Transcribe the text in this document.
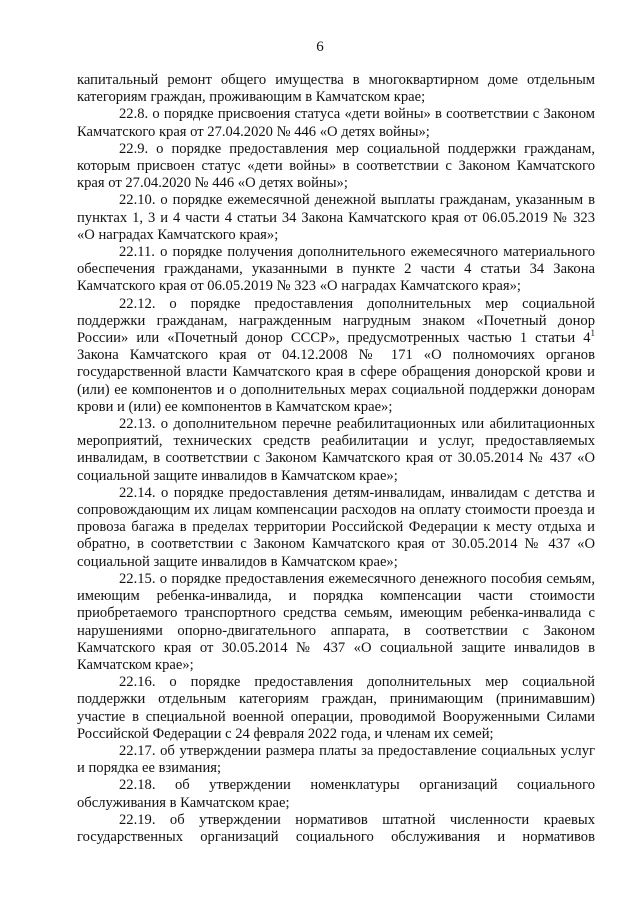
6

капитальный ремонт общего имущества в многоквартирном доме отдельным категориям граждан, проживающим в Камчатском крае;

22.8. о порядке присвоения статуса «дети войны» в соответствии с Законом Камчатского края от 27.04.2020 № 446 «О детях войны»;

22.9. о порядке предоставления мер социальной поддержки гражданам, которым присвоен статус «дети войны» в соответствии с Законом Камчатского края от 27.04.2020 № 446 «О детях войны»;

22.10. о порядке ежемесячной денежной выплаты гражданам, указанным в пунктах 1, 3 и 4 части 4 статьи 34 Закона Камчатского края от 06.05.2019 № 323 «О наградах Камчатского края»;

22.11. о порядке получения дополнительного ежемесячного материального обеспечения гражданами, указанными в пункте 2 части 4 статьи 34 Закона Камчатского края от 06.05.2019 № 323 «О наградах Камчатского края»;

22.12. о порядке предоставления дополнительных мер социальной поддержки гражданам, награжденным нагрудным знаком «Почетный донор России» или «Почетный донор СССР», предусмотренных частью 1 статьи $4^1$ Закона Камчатского края от 04.12.2008 № 171 «О полномочиях органов государственной власти Камчатского края в сфере обращения донорской крови и (или) ее компонентов и о дополнительных мерах социальной поддержки донорам крови и (или) ее компонентов в Камчатском крае»;

22.13. о дополнительном перечне реабилитационных или абилитационных мероприятий, технических средств реабилитации и услуг, предоставляемых инвалидам, в соответствии с Законом Камчатского края от 30.05.2014 № 437 «О социальной защите инвалидов в Камчатском крае»;

22.14. о порядке предоставления детям-инвалидам, инвалидам с детства и сопровождающим их лицам компенсации расходов на оплату стоимости проезда и провоза багажа в пределах территории Российской Федерации к месту отдыха и обратно, в соответствии с Законом Камчатского края от 30.05.2014 № 437 «О социальной защите инвалидов в Камчатском крае»;

22.15. о порядке предоставления ежемесячного денежного пособия семьям, имеющим ребенка-инвалида, и порядка компенсации части стоимости приобретаемого транспортного средства семьям, имеющим ребенка-инвалида с нарушениями опорно-двигательного аппарата, в соответствии с Законом Камчатского края от 30.05.2014 № 437 «О социальной защите инвалидов в Камчатском крае»;

22.16. о порядке предоставления дополнительных мер социальной поддержки отдельным категориям граждан, принимающим (принимавшим) участие в специальной военной операции, проводимой Вооруженными Силами Российской Федерации с 24 февраля 2022 года, и членам их семей;

22.17. об утверждении размера платы за предоставление социальных услуг и порядка ее взимания;

22.18. об утверждении номенклатуры организаций социального обслуживания в Камчатском крае;

22.19. об утверждении нормативов штатной численности краевых государственных организаций социального обслуживания и нормативов
